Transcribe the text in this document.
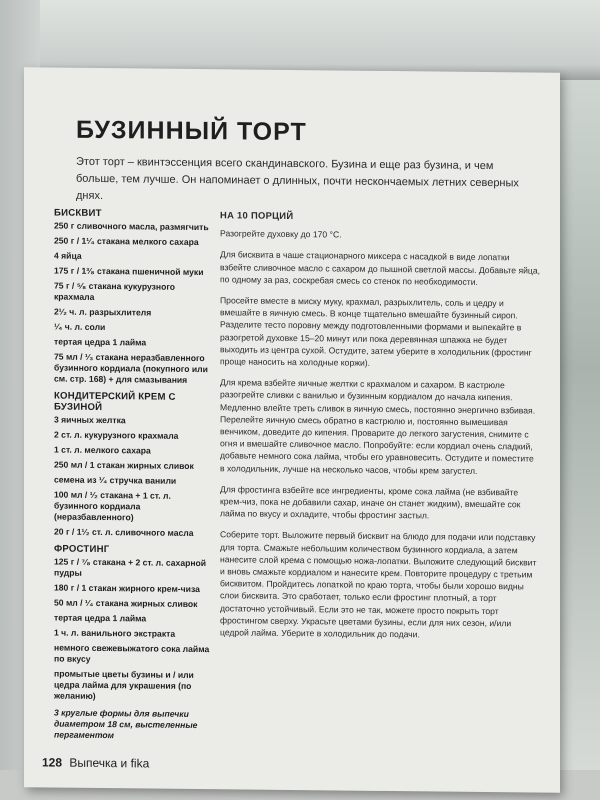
БУЗИННЫЙ ТОРТ
Этот торт – квинтэссенция всего скандинавского. Бузина и еще раз бузина, и чем больше, тем лучше. Он напоминает о длинных, почти нескончаемых летних северных днях.
БИСКВИТ
250 г сливочного масла, размягчить
250 г / 1¹⁄₄ стакана мелкого сахара
4 яйца
175 г / 1³⁄₈ стакана пшеничной муки
75 г / ⁵⁄₈ стакана кукурузного крахмала
2¹⁄₂ ч. л. разрыхлителя
¹⁄₄ ч. л. соли
тертая цедра 1 лайма
75 мл / ¹⁄₃ стакана неразбавленного бузинного кордиала (покупного или см. стр. 168) + для смазывания
КОНДИТЕРСКИЙ КРЕМ С БУЗИНОЙ
3 яичных желтка
2 ст. л. кукурузного крахмала
1 ст. л. мелкого сахара
250 мл / 1 стакан жирных сливок
семена из ¹⁄₄ стручка ванили
100 мл / ¹⁄₂ стакана + 1 ст. л. бузинного кордиала (неразбавленного)
20 г / 1¹⁄₂ ст. л. сливочного масла
ФРОСТИНГ
125 г / ⁷⁄₈ стакана + 2 ст. л. сахарной пудры
180 г / 1 стакан жирного крем-чиза
50 мл / ¹⁄₄ стакана жирных сливок
тертая цедра 1 лайма
1 ч. л. ванильного экстракта
немного свежевыжатого сока лайма по вкусу
промытые цветы бузины и / или цедра лайма для украшения (по желанию)
3 круглые формы для выпечки диаметром 18 см, выстеленные пергаментом
НА 10 ПОРЦИЙ

Разогрейте духовку до 170 °С.

Для бисквита в чаше стационарного миксера с насадкой в виде лопатки взбейте сливочное масло с сахаром до пышной светлой массы. Добавьте яйца, по одному за раз, соскребая смесь со стенок по необходимости.

Просейте вместе в миску муку, крахмал, разрыхлитель, соль и цедру и вмешайте в яичную смесь. В конце тщательно вмешайте бузинный сироп. Разделите тесто поровну между подготовленными формами и выпекайте в разогретой духовке 15–20 минут или пока деревянная шпажка не будет выходить из центра сухой. Остудите, затем уберите в холодильник (фростинг проще наносить на холодные коржи).

Для крема взбейте яичные желтки с крахмалом и сахаром. В кастрюле разогрейте сливки с ванилью и бузинным кордиалом до начала кипения. Медленно влейте треть сливок в яичную смесь, постоянно энергично взбивая. Перелейте яичную смесь обратно в кастрюлю и, постоянно вымешивая венчиком, доведите до кипения. Проварите до легкого загустения, снимите с огня и вмешайте сливочное масло. Попробуйте: если кордиал очень сладкий, добавьте немного сока лайма, чтобы его уравновесить. Остудите и поместите в холодильник, лучше на несколько часов, чтобы крем загустел.

Для фростинга взбейте все ингредиенты, кроме сока лайма (не взбивайте крем-чиз, пока не добавили сахар, иначе он станет жидким), вмешайте сок лайма по вкусу и охладите, чтобы фростинг застыл.

Соберите торт. Выложите первый бисквит на блюдо для подачи или подставку для торта. Смажьте небольшим количеством бузинного кордиала, а затем нанесите слой крема с помощью ножа-лопатки. Выложите следующий бисквит и вновь смажьте кордиалом и нанесите крем. Повторите процедуру с третьим бисквитом. Пройдитесь лопаткой по краю торта, чтобы были хорошо видны слои бисквита. Это сработает, только если фростинг плотный, а торт достаточно устойчивый. Если это не так, можете просто покрыть торт фростингом сверху. Украсьте цветами бузины, если для них сезон, и/или цедрой лайма. Уберите в холодильник до подачи.

128 Выпечка и fika
